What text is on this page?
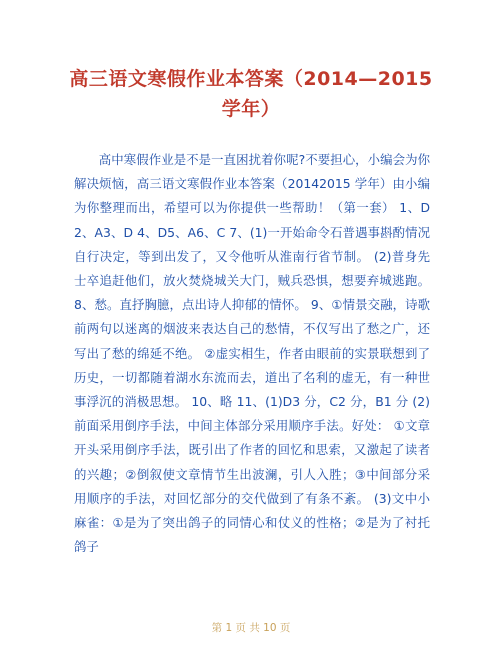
高三语文寒假作业本答案（2014—2015 学年）
高中寒假作业是不是一直困扰着你呢?不要担心，小编会为你解决烦恼，高三语文寒假作业本答案（20142015 学年）由小编为你整理而出，希望可以为你提供一些帮助！（第一套） 1、D2、A3、D 4、D5、A6、C 7、(1)一开始命令石普遇事斟酌情况自行决定，等到出发了，又令他听从淮南行省节制。 (2)普身先士卒追赶他们，放火焚烧城关大门，贼兵恐惧，想要弃城逃跑。 8、愁。直抒胸臆，点出诗人抑郁的情怀。 9、①情景交融，诗歌前两句以迷离的烟波来表达自己的愁情，不仅写出了愁之广，还写出了愁的绵延不绝。 ②虚实相生，作者由眼前的实景联想到了历史，一切都随着湖水东流而去，道出了名利的虚无，有一种世事浮沉的消极思想。 10、略 11、(1)D3 分，C2 分，B1 分 (2)前面采用倒序手法，中间主体部分采用顺序手法。好处： ①文章开头采用倒序手法，既引出了作者的回忆和思索，又激起了读者的兴趣；②倒叙使文章情节生出波澜，引人入胜；③中间部分采用顺序的手法，对回忆部分的交代做到了有条不紊。 (3)文中小麻雀：①是为了突出鸽子的同情心和仗义的性格；②是为了衬托鸽子
第 1 页 共 10 页
